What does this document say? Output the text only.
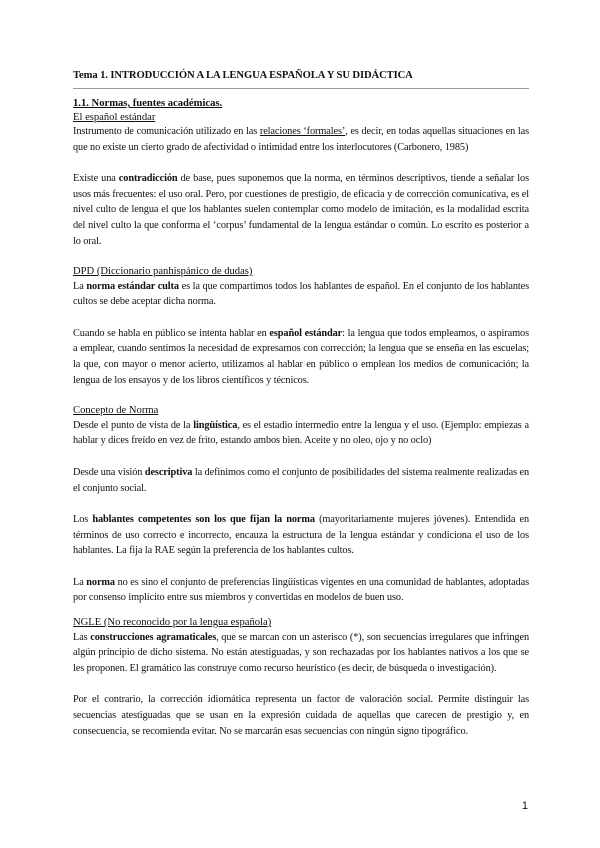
Tema 1. INTRODUCCIÓN A LA LENGUA ESPAÑOLA Y SU DIDÁCTICA
1.1. Normas, fuentes académicas.
El español estándar

Instrumento de comunicación utilizado en las relaciones ‘formales’, es decir, en todas aquellas situaciones en las que no existe un cierto grado de afectividad o intimidad entre los interlocutores (Carbonero, 1985)

Existe una contradicción de base, pues suponemos que la norma, en términos descriptivos, tiende a señalar los usos más frecuentes: el uso oral. Pero, por cuestiones de prestigio, de eficacia y de corrección comunicativa, es el nivel culto de lengua el que los hablantes suelen contemplar como modelo de imitación, es la modalidad escrita del nivel culto la que conforma el ‘corpus’ fundamental de la lengua estándar o común. Lo escrito es posterior a lo oral.

DPD (Diccionario panhispánico de dudas)

La norma estándar culta es la que compartimos todos los hablantes de español. En el conjunto de los hablantes cultos se debe aceptar dicha norma.

Cuando se habla en público se intenta hablar en español estándar: la lengua que todos empleamos, o aspiramos a emplear, cuando sentimos la necesidad de expresarnos con corrección; la lengua que se enseña en las escuelas; la que, con mayor o menor acierto, utilizamos al hablar en público o emplean los medios de comunicación; la lengua de los ensayos y de los libros científicos y técnicos.

Concepto de Norma

Desde el punto de vista de la lingüística, es el estadio intermedio entre la lengua y el uso. (Ejemplo: empiezas a hablar y dices freído en vez de frito, estando ambos bien. Aceite y no oleo, ojo y no oclo)

Desde una visión descriptiva la definimos como el conjunto de posibilidades del sistema realmente realizadas en el conjunto social.

Los hablantes competentes son los que fijan la norma (mayoritariamente mujeres jóvenes). Entendida en términos de uso correcto e incorrecto, encauza la estructura de la lengua estándar y condiciona el uso de los hablantes. La fija la RAE según la preferencia de los hablantes cultos.

La norma no es sino el conjunto de preferencias lingüísticas vigentes en una comunidad de hablantes, adoptadas por consenso implícito entre sus miembros y convertidas en modelos de buen uso.

NGLE (No reconocido por la lengua española)

Las construcciones agramaticales, que se marcan con un asterisco (*), son secuencias irregulares que infringen algún principio de dicho sistema. No están atestiguadas, y son rechazadas por los hablantes nativos a los que se les proponen. El gramático las construye como recurso heurístico (es decir, de búsqueda o investigación).

Por el contrario, la corrección idiomática representa un factor de valoración social. Permite distinguir las secuencias atestiguadas que se usan en la expresión cuidada de aquellas que carecen de prestigio y, en consecuencia, se recomienda evitar. No se marcarán esas secuencias con ningún signo tipográfico.

1
